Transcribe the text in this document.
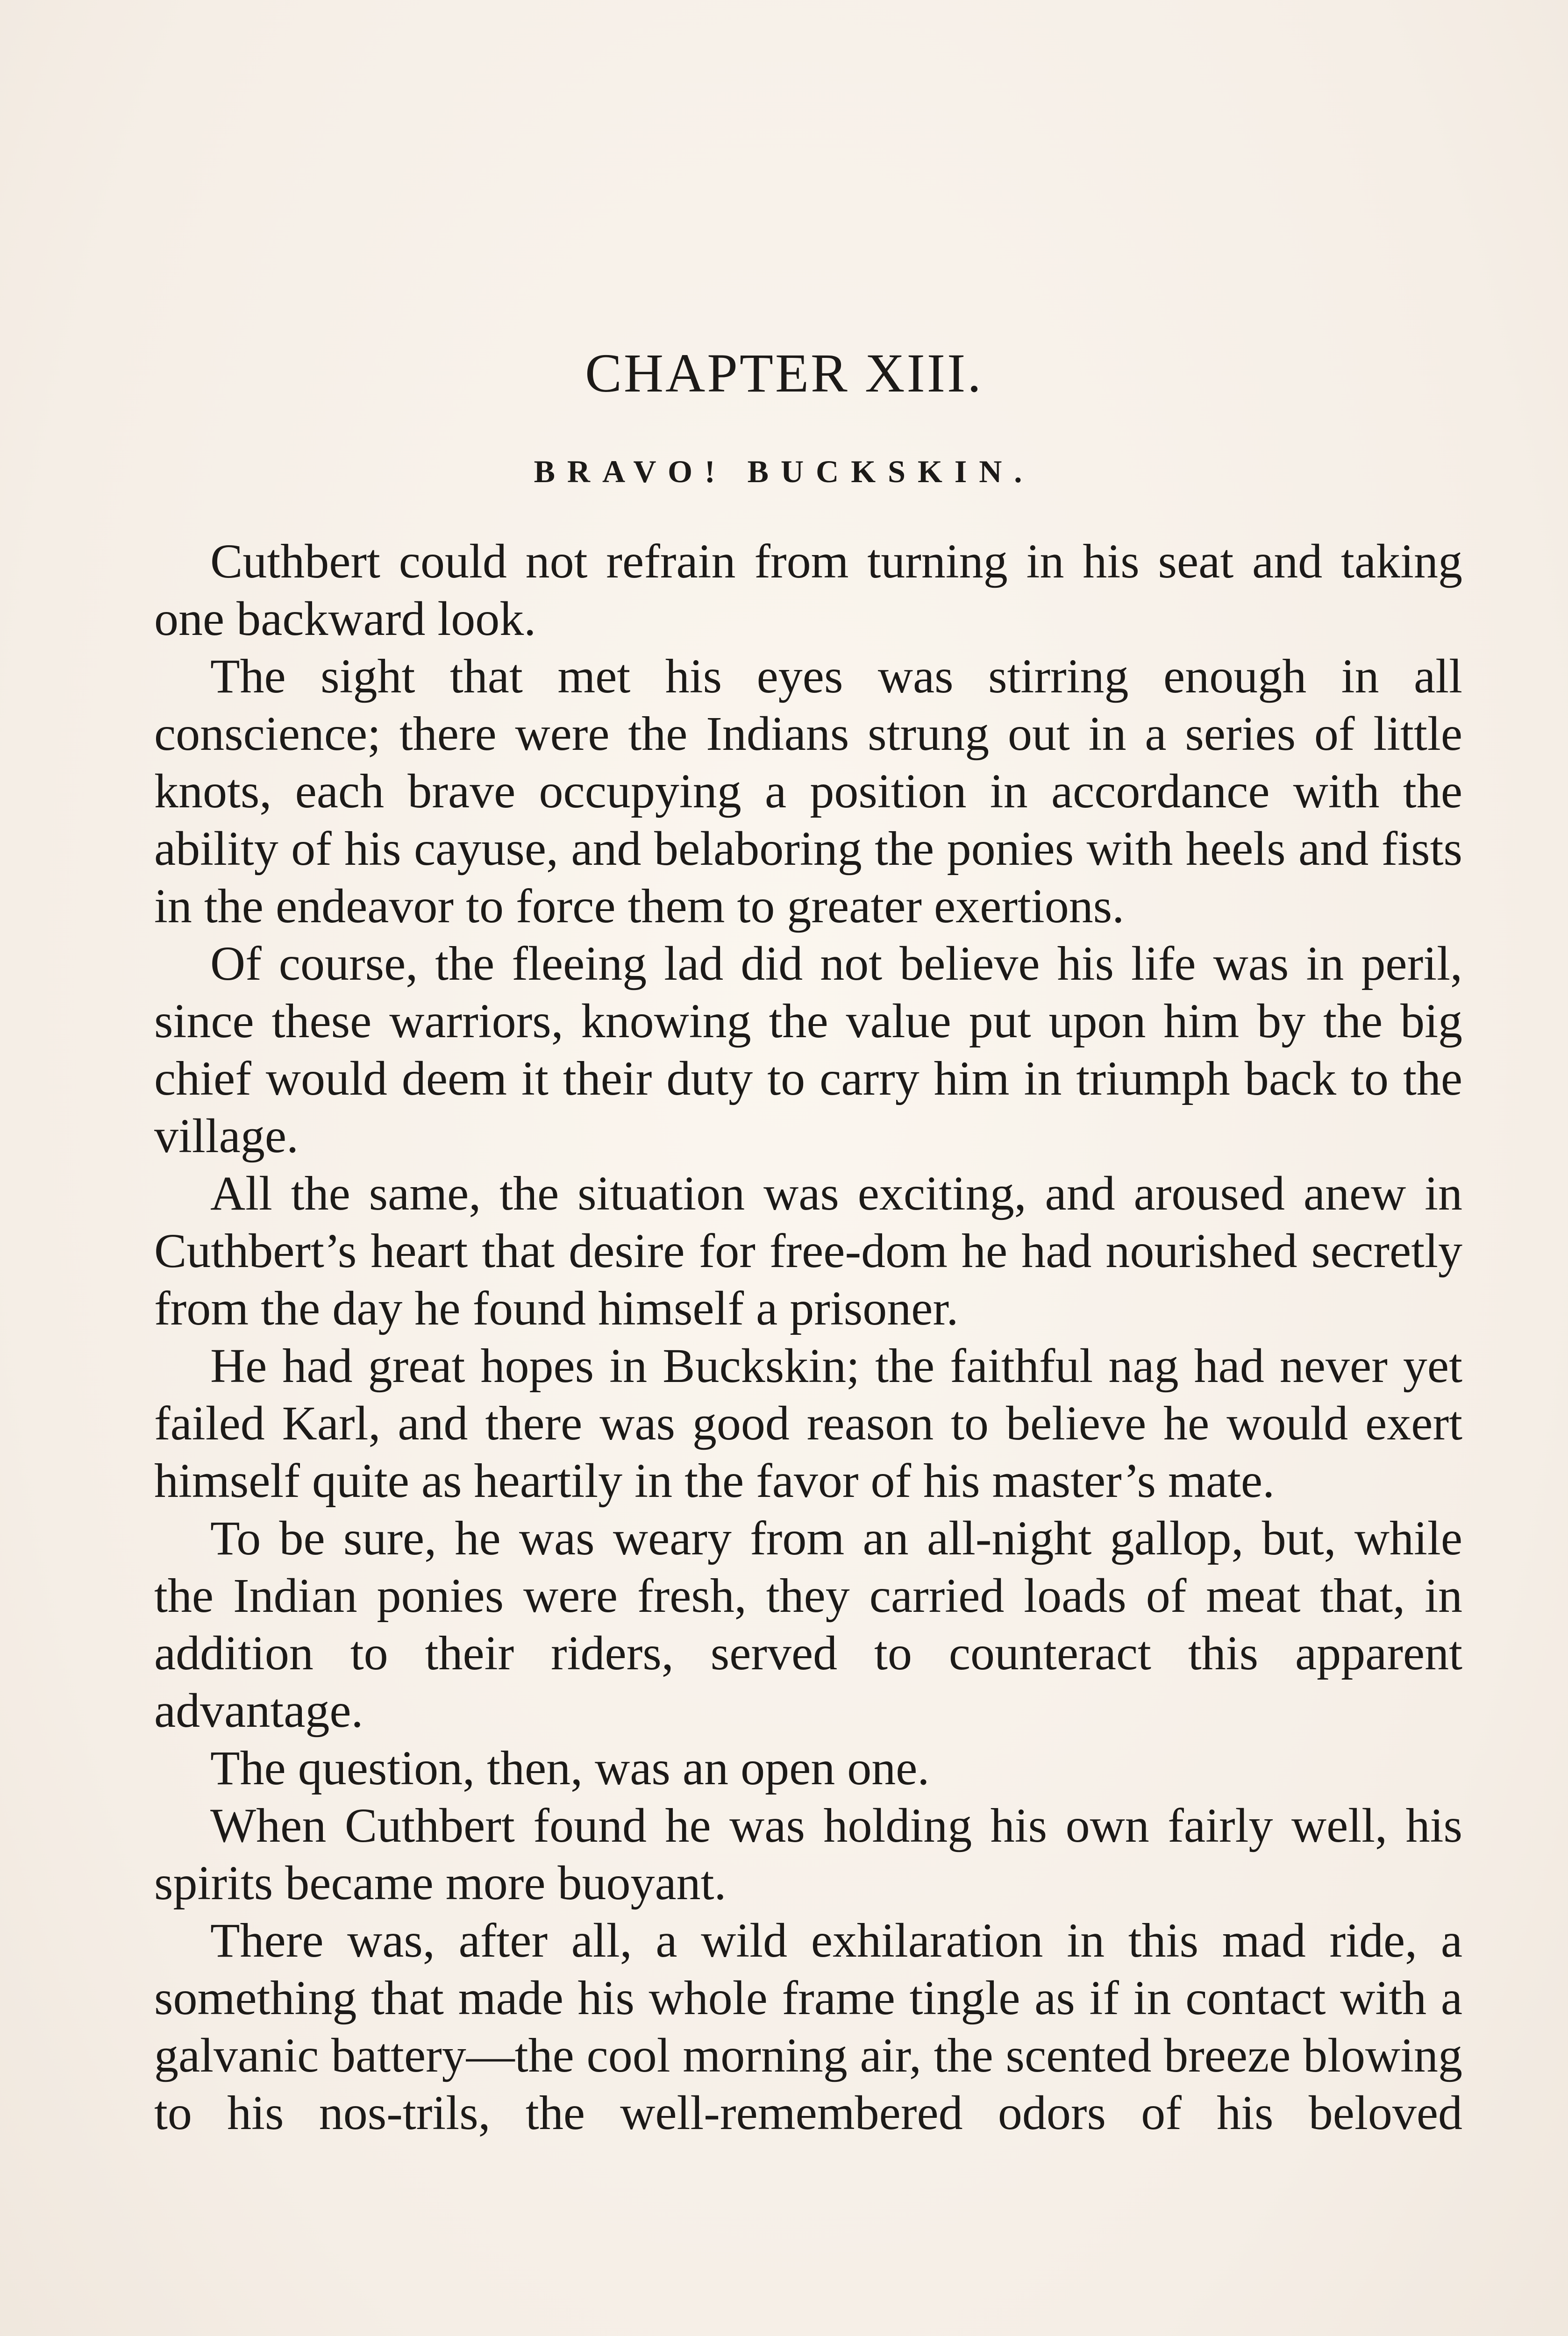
CHAPTER XIII.
BRAVO! BUCKSKIN.

Cuthbert could not refrain from turning in his seat and taking one backward look.

The sight that met his eyes was stirring enough in all conscience; there were the Indians strung out in a series of little knots, each brave occupying a position in accordance with the ability of his cayuse, and belaboring the ponies with heels and fists in the endeavor to force them to greater exertions.

Of course, the fleeing lad did not believe his life was in peril, since these warriors, knowing the value put upon him by the big chief would deem it their duty to carry him in triumph back to the village.

All the same, the situation was exciting, and aroused anew in Cuthbert’s heart that desire for free-dom he had nourished secretly from the day he found himself a prisoner.

He had great hopes in Buckskin; the faithful nag had never yet failed Karl, and there was good reason to believe he would exert himself quite as heartily in the favor of his master’s mate.

To be sure, he was weary from an all-night gallop, but, while the Indian ponies were fresh, they carried loads of meat that, in addition to their riders, served to counteract this apparent advantage.

The question, then, was an open one.

When Cuthbert found he was holding his own fairly well, his spirits became more buoyant.

There was, after all, a wild exhilaration in this mad ride, a something that made his whole frame tingle as if in contact with a galvanic battery—the cool morning air, the scented breeze blowing to his nos-trils, the well-remembered odors of his beloved
